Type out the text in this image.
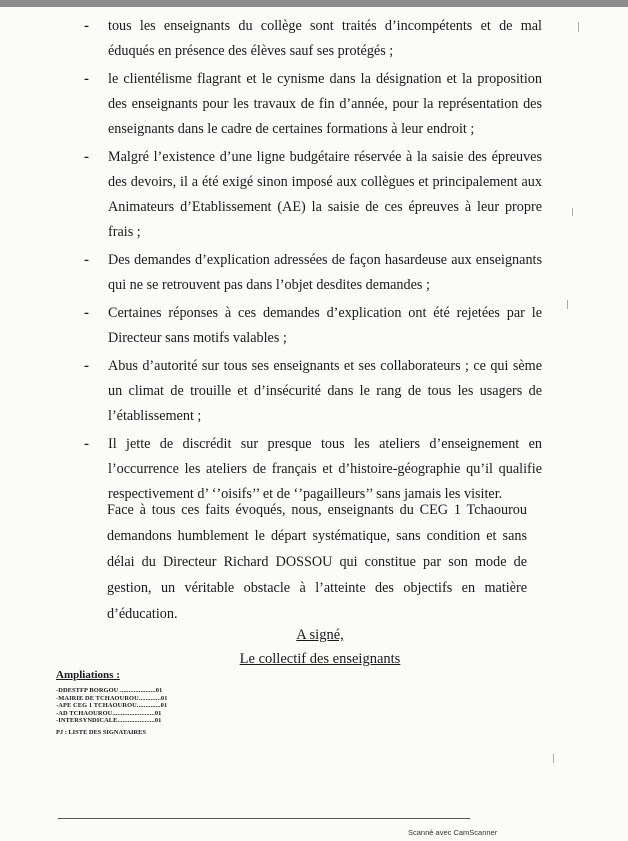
- tous les enseignants du collège sont traités d’incompétents et de mal éduqués en présence des élèves sauf ses protégés ;
- le clientélisme flagrant et le cynisme dans la désignation et la proposition des enseignants pour les travaux de fin d’année, pour la représentation des enseignants dans le cadre de certaines formations à leur endroit ;
- Malgré l’existence d’une ligne budgétaire réservée à la saisie des épreuves des devoirs, il a été exigé sinon imposé aux collègues et principalement aux Animateurs d’Etablissement (AE) la saisie de ces épreuves à leur propre frais ;
- Des demandes d’explication adressées de façon hasardeuse aux enseignants qui ne se retrouvent pas dans l’objet desdites demandes ;
- Certaines réponses à ces demandes d’explication ont été rejetées par le Directeur sans motifs valables ;
- Abus d’autorité sur tous ses enseignants et ses collaborateurs ; ce qui sème un climat de trouille et d’insécurité dans le rang de tous les usagers de l’établissement ;
- Il jette de discrédit sur presque tous les ateliers d’enseignement en l’occurrence les ateliers de français et d’histoire-géographie qu’il qualifie respectivement d’ ‘’oisifs’’ et de ‘’pagailleurs’’ sans jamais les visiter.

Face à tous ces faits évoqués, nous, enseignants du CEG 1 Tchaourou demandons humblement le départ systématique, sans condition et sans délai du Directeur Richard DOSSOU qui constitue par son mode de gestion, un véritable obstacle à l’atteinte des objectifs en matière d’éducation.

A signé,

Le collectif des enseignants

Ampliations :

-DDESTFP BORGOU .....................01
-MAIRIE DE TCHAOUROU.............01
-APE CEG 1 TCHAOUROU..............01
-AD TCHAOUROU.........................01
-INTERSYNDICALE......................01
PJ : LISTE DES SIGNATAIRES
Scanné avec CamScanner
